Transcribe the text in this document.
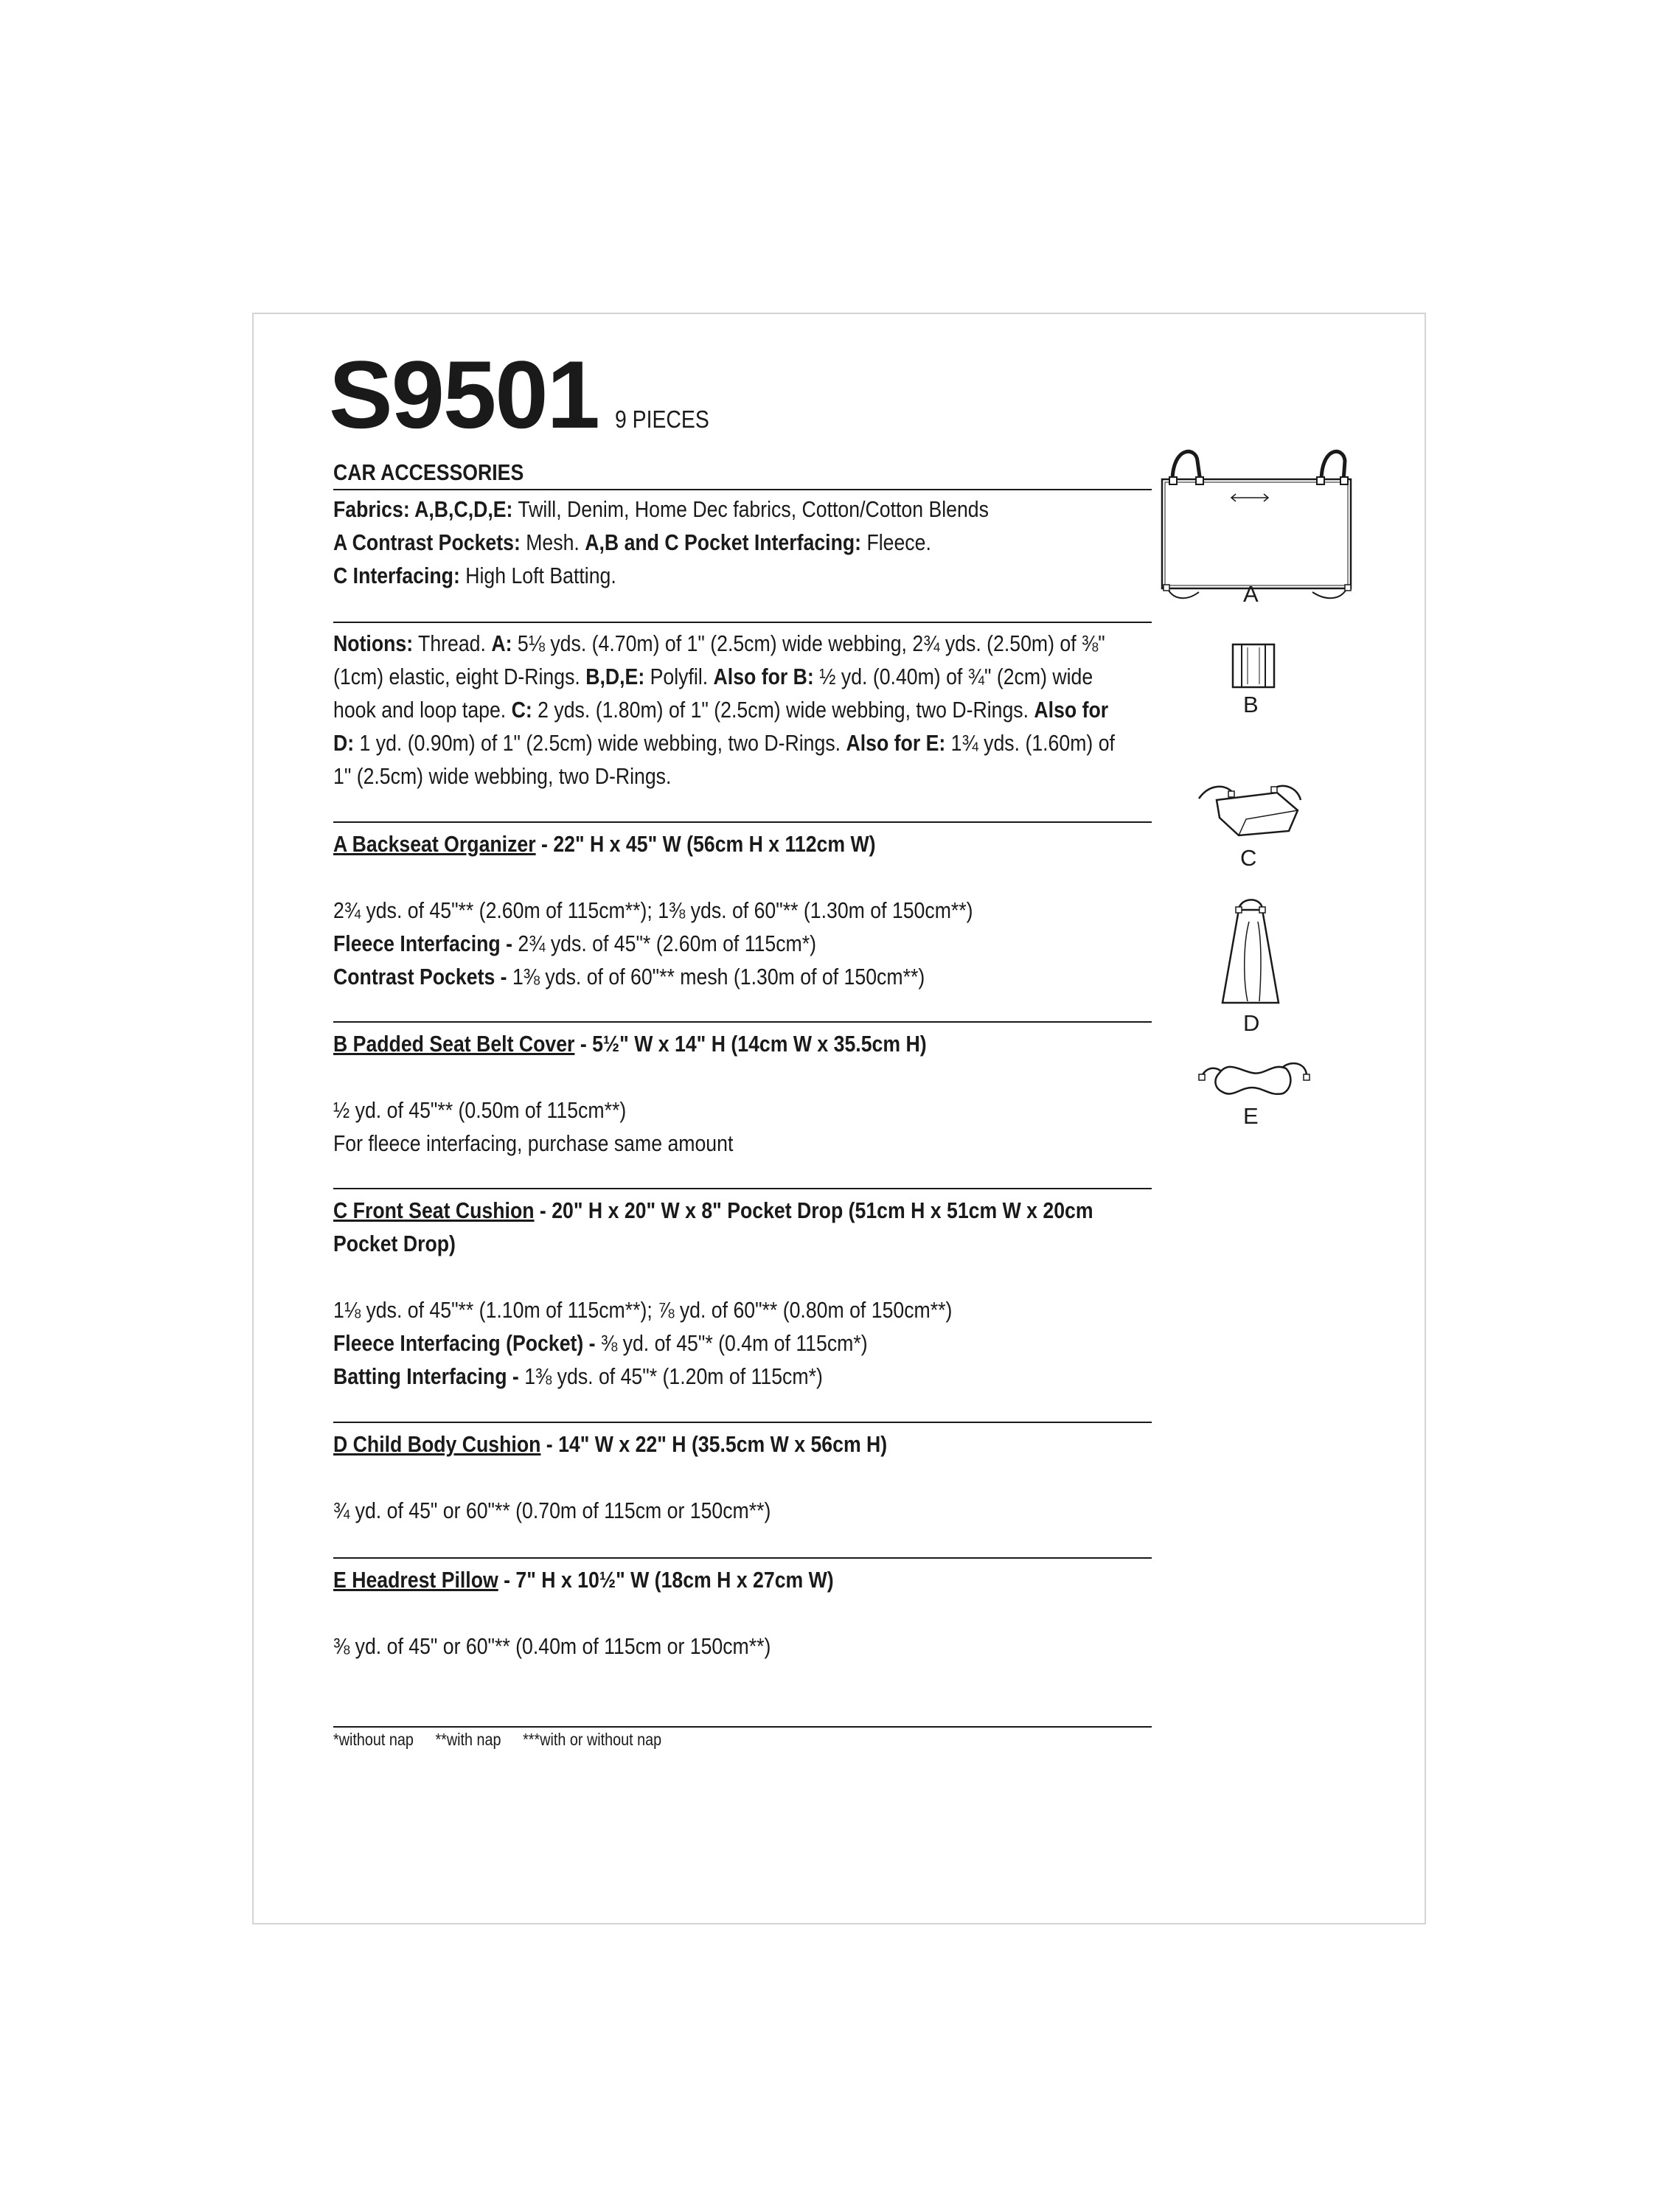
S9501 9 PIECES

CAR ACCESSORIES

Fabrics: A,B,C,D,E: Twill, Denim, Home Dec fabrics, Cotton/Cotton Blends

A Contrast Pockets: Mesh. A,B and C Pocket Interfacing: Fleece.

C Interfacing: High Loft Batting.

Notions: Thread. A: 5⅛ yds. (4.70m) of 1" (2.5cm) wide webbing, 2¾ yds. (2.50m) of ⅜"

(1cm) elastic, eight D-Rings. B,D,E: Polyfil. Also for B: ½ yd. (0.40m) of ¾" (2cm) wide

hook and loop tape. C: 2 yds. (1.80m) of 1" (2.5cm) wide webbing, two D-Rings. Also for

D: 1 yd. (0.90m) of 1" (2.5cm) wide webbing, two D-Rings. Also for E: 1¾ yds. (1.60m) of

1" (2.5cm) wide webbing, two D-Rings.

A Backseat Organizer - 22" H x 45" W (56cm H x 112cm W)

2¾ yds. of 45"** (2.60m of 115cm**); 1⅜ yds. of 60"** (1.30m of 150cm**)

Fleece Interfacing - 2¾ yds. of 45"* (2.60m of 115cm*)

Contrast Pockets - 1⅜ yds. of of 60"** mesh (1.30m of of 150cm**)

B Padded Seat Belt Cover - 5½" W x 14" H (14cm W x 35.5cm H)

½ yd. of 45"** (0.50m of 115cm**)

For fleece interfacing, purchase same amount

C Front Seat Cushion - 20" H x 20" W x 8" Pocket Drop (51cm H x 51cm W x 20cm

Pocket Drop)

1⅛ yds. of 45"** (1.10m of 115cm**); ⅞ yd. of 60"** (0.80m of 150cm**)

Fleece Interfacing (Pocket) - ⅜ yd. of 45"* (0.4m of 115cm*)

Batting Interfacing - 1⅜ yds. of 45"* (1.20m of 115cm*)

D Child Body Cushion - 14" W x 22" H (35.5cm W x 56cm H)

¾ yd. of 45" or 60"** (0.70m of 115cm or 150cm**)

E Headrest Pillow - 7" H x 10½" W (18cm H x 27cm W)

⅜ yd. of 45" or 60"** (0.40m of 115cm or 150cm**)

*without nap **with nap ***with or without nap
A
B
C
D
E
